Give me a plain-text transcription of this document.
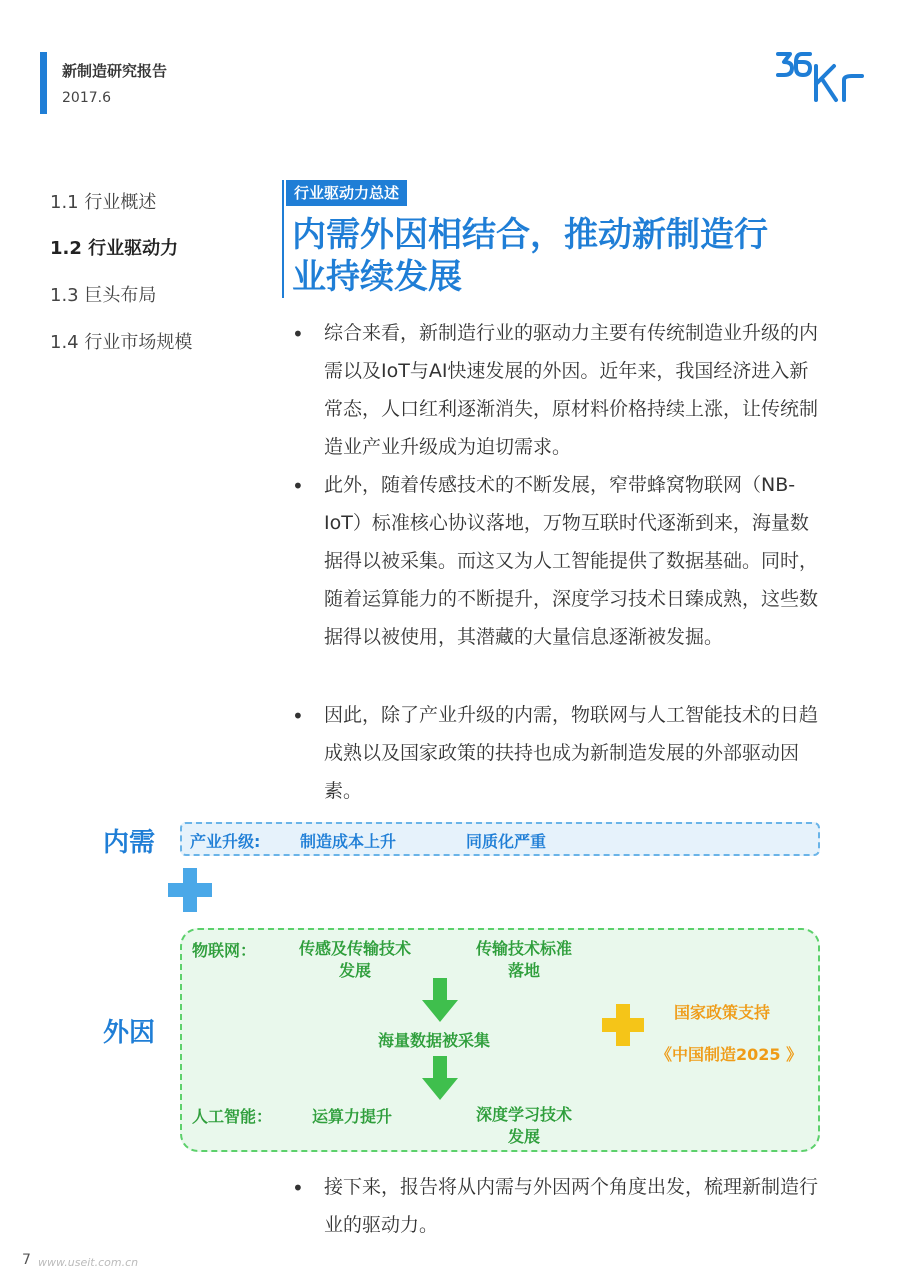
新制造研究报告
2017.6
1.1 行业概述
1.2 行业驱动力
1.3 巨头布局
1.4 行业市场规模
行业驱动力总述
内需外因相结合，推动新制造行
业持续发展
• 综合来看，新制造行业的驱动力主要有传统制造业升级的内需以及IoT与AI快速发展的外因。近年来，我国经济进入新常态，人口红利逐渐消失，原材料价格持续上涨，让传统制造业产业升级成为迫切需求。
• 此外，随着传感技术的不断发展，窄带蜂窝物联网（NB-IoT）标准核心协议落地，万物互联时代逐渐到来，海量数据得以被采集。而这又为人工智能提供了数据基础。同时，随着运算能力的不断提升，深度学习技术日臻成熟，这些数据得以被使用，其潜藏的大量信息逐渐被发掘。
• 因此，除了产业升级的内需，物联网与人工智能技术的日趋成熟以及国家政策的扶持也成为新制造发展的外部驱动因素。
内需 产业升级: 制造成本上升	同质化严重
外因
物联网：	传感及传输技术
发展
传输技术标准
落地
海量数据被采集
人工智能： 运算力提升	深度学习技术
发展
国家政策支持
《中国制造2025 》
• 接下来，报告将从内需与外因两个角度出发，梳理新制造行业的驱动力。
7 www.useit.com.cn
